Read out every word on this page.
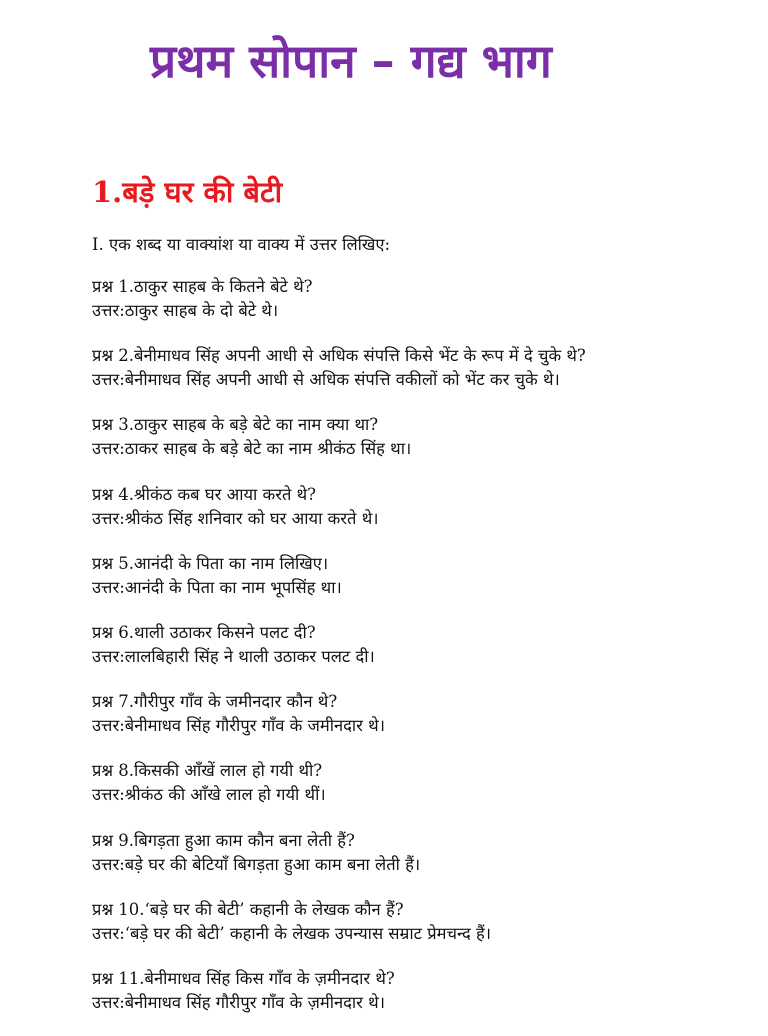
प्रथम सोपान – गद्य भाग
1.बड़े घर की बेटी
I. एक शब्द या वाक्यांश या वाक्य में उत्तर लिखिए:
प्रश्न 1.ठाकुर साहब के कितने बेटे थे?
उत्तर:ठाकुर साहब के दो बेटे थे।
प्रश्न 2.बेनीमाधव सिंह अपनी आधी से अधिक संपत्ति किसे भेंट के रूप में दे चुके थे?
उत्तर:बेनीमाधव सिंह अपनी आधी से अधिक संपत्ति वकीलों को भेंट कर चुके थे।
प्रश्न 3.ठाकुर साहब के बड़े बेटे का नाम क्या था?
उत्तर:ठाकर साहब के बड़े बेटे का नाम श्रीकंठ सिंह था।
प्रश्न 4.श्रीकंठ कब घर आया करते थे?
उत्तर:श्रीकंठ सिंह शनिवार को घर आया करते थे।
प्रश्न 5.आनंदी के पिता का नाम लिखिए।
उत्तर:आनंदी के पिता का नाम भूपसिंह था।
प्रश्न 6.थाली उठाकर किसने पलट दी?
उत्तर:लालबिहारी सिंह ने थाली उठाकर पलट दी।
प्रश्न 7.गौरीपुर गाँव के जमीनदार कौन थे?
उत्तर:बेनीमाधव सिंह गौरीपुर गाँव के जमीनदार थे।
प्रश्न 8.किसकी आँखें लाल हो गयी थी?
उत्तर:श्रीकंठ की आँखे लाल हो गयी थीं।
प्रश्न 9.बिगड़ता हुआ काम कौन बना लेती हैं?
उत्तर:बड़े घर की बेटियाँ बिगड़ता हुआ काम बना लेती हैं।
प्रश्न 10.‘बड़े घर की बेटी’ कहानी के लेखक कौन हैं?
उत्तर:‘बड़े घर की बेटी’ कहानी के लेखक उपन्यास सम्राट प्रेमचन्द हैं।
प्रश्न 11.बेनीमाधव सिंह किस गाँव के ज़मीनदार थे?
उत्तर:बेनीमाधव सिंह गौरीपुर गाँव के ज़मीनदार थे।
